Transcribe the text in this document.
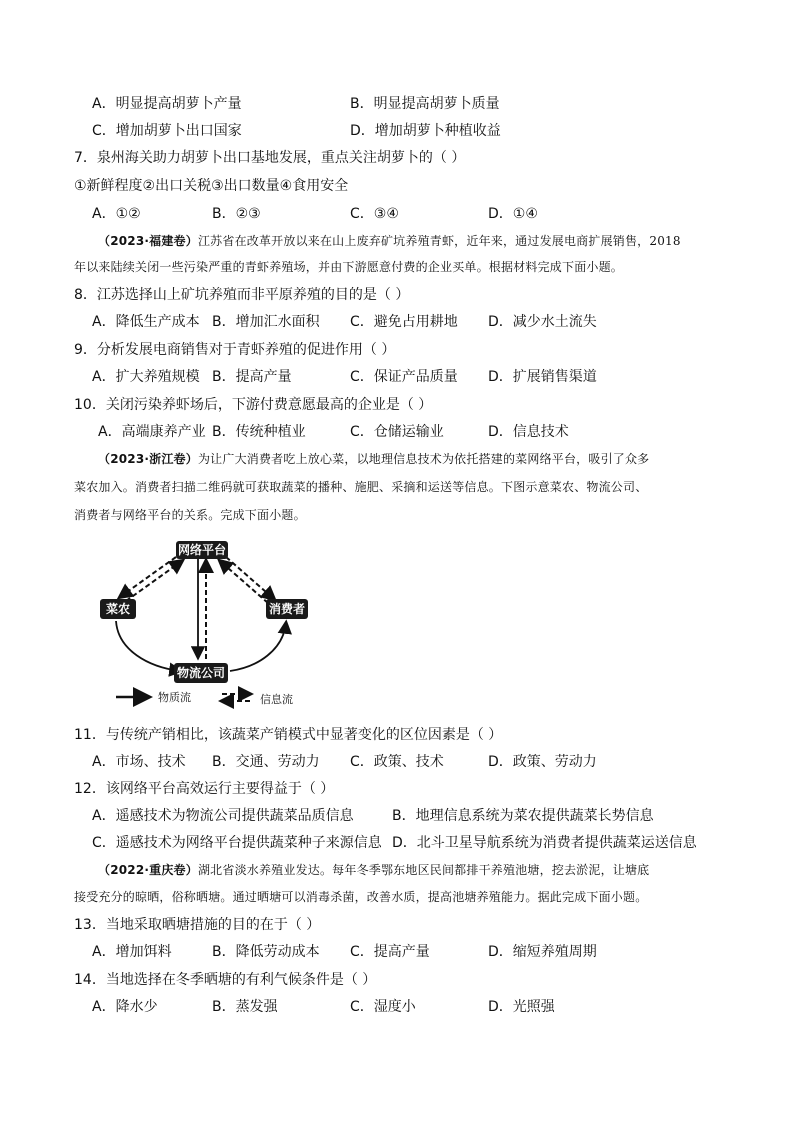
A．明显提高胡萝卜产量	B．明显提高胡萝卜质量
C．增加胡萝卜出口国家	D．增加胡萝卜种植收益
7．泉州海关助力胡萝卜出口基地发展，重点关注胡萝卜的（ ）
①新鲜程度②出口关税③出口数量④食用安全
A．①②	B．②③	C．③④	D．①④
（2023·福建卷）江苏省在改革开放以来在山上废弃矿坑养殖青虾，近年来，通过发展电商扩展销售，2018
年以来陆续关闭一些污染严重的青虾养殖场，并由下游愿意付费的企业买单。根据材料完成下面小题。
8．江苏选择山上矿坑养殖而非平原养殖的目的是（ ）
A．降低生产成本 B．增加汇水面积 C．避免占用耕地 D．减少水土流失
9．分析发展电商销售对于青虾养殖的促进作用（ ）
A．扩大养殖规模 B．提高产量	C．保证产品质量 D．扩展销售渠道
10．关闭污染养虾场后，下游付费意愿最高的企业是（ ）
A．高端康养产业 B．传统种植业	C．仓储运输业	D．信息技术
（2023·浙江卷）为让广大消费者吃上放心菜，以地理信息技术为依托搭建的菜网络平台，吸引了众多
菜农加入。消费者扫描二维码就可获取蔬菜的播种、施肥、采摘和运送等信息。下图示意菜农、物流公司、
消费者与网络平台的关系。完成下面小题。
网络平台
菜农	消费者
物流公司
物质流	信息流
11．与传统产销相比，该蔬菜产销模式中显著变化的区位因素是（ ）
A．市场、技术 B．交通、劳动力 C．政策、技术	D．政策、劳动力
12．该网络平台高效运行主要得益于（ ）
A．遥感技术为物流公司提供蔬菜品质信息	B．地理信息系统为菜农提供蔬菜长势信息
C．遥感技术为网络平台提供蔬菜种子来源信息 D．北斗卫星导航系统为消费者提供蔬菜运送信息
（2022·重庆卷）湖北省淡水养殖业发达。每年冬季鄂东地区民间都排干养殖池塘，挖去淤泥，让塘底
接受充分的晾晒，俗称晒塘。通过晒塘可以消毒杀菌，改善水质，提高池塘养殖能力。据此完成下面小题。
13．当地采取晒塘措施的目的在于（ ）
A．增加饵料	B．降低劳动成本 C．提高产量	D．缩短养殖周期
14．当地选择在冬季晒塘的有利气候条件是（ ）
A．降水少	B．蒸发强	C．湿度小	D．光照强
